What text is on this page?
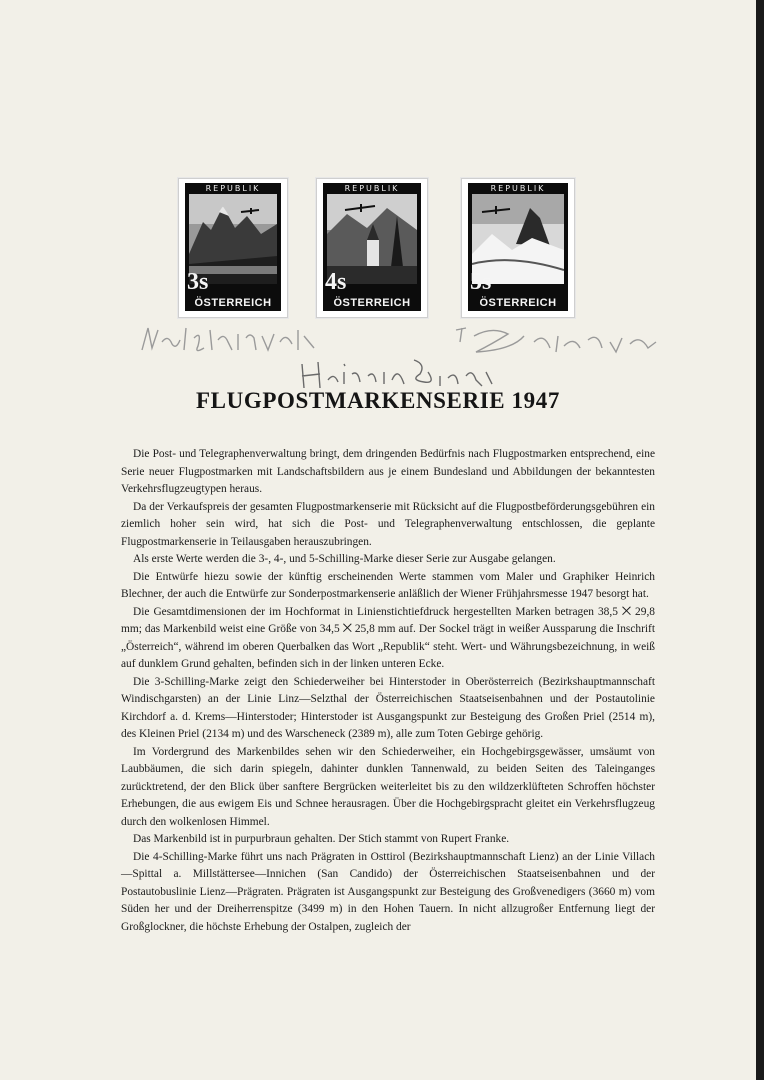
REPUBLIK
3s
ÖSTERREICH
REPUBLIK
4s
ÖSTERREICH
REPUBLIK
5s
ÖSTERREICH
FLUGPOSTMARKENSERIE 1947

Die Post- und Telegraphenverwaltung bringt, dem dringenden Bedürfnis nach Flugpostmarken entsprechend, eine Serie neuer Flugpostmarken mit Landschaftsbildern aus je einem Bundesland und Abbildungen der bekanntesten Verkehrsflugzeugtypen heraus.

Da der Verkaufspreis der gesamten Flugpostmarkenserie mit Rücksicht auf die Flugpostbeförderungsgebühren ein ziemlich hoher sein wird, hat sich die Post- und Telegraphenverwaltung entschlossen, die geplante Flugpostmarkenserie in Teilausgaben herauszubringen.

Als erste Werte werden die 3-, 4-, und 5-Schilling-Marke dieser Serie zur Ausgabe gelangen.

Die Entwürfe hiezu sowie der künftig erscheinenden Werte stammen vom Maler und Graphiker Heinrich Blechner, der auch die Entwürfe zur Sonderpostmarkenserie anläßlich der Wiener Frühjahrsmesse 1947 besorgt hat.

Die Gesamtdimensionen der im Hochformat in Linienstichtiefdruck hergestellten Marken betragen 38,5 ⨉ 29,8 mm; das Markenbild weist eine Größe von 34,5 ⨉ 25,8 mm auf. Der Sockel trägt in weißer Aussparung die Inschrift „Österreich“, während im oberen Querbalken das Wort „Republik“ steht. Wert- und Währungsbezeichnung, in weiß auf dunklem Grund gehalten, befinden sich in der linken unteren Ecke.

Die 3-Schilling-Marke zeigt den Schiederweiher bei Hinterstoder in Oberösterreich (Bezirkshauptmannschaft Windischgarsten) an der Linie Linz—Selzthal der Österreichischen Staatseisenbahnen und der Postautolinie Kirchdorf a. d. Krems—Hinterstoder; Hinterstoder ist Ausgangspunkt zur Besteigung des Großen Priel (2514 m), des Kleinen Priel (2134 m) und des Warscheneck (2389 m), alle zum Toten Gebirge gehörig.

Im Vordergrund des Markenbildes sehen wir den Schiederweiher, ein Hochgebirgsgewässer, umsäumt von Laubbäumen, die sich darin spiegeln, dahinter dunklen Tannenwald, zu beiden Seiten des Taleinganges zurücktretend, der den Blick über sanftere Bergrücken weiterleitet bis zu den wildzerklüfteten Schroffen höchster Erhebungen, die aus ewigem Eis und Schnee herausragen. Über die Hochgebirgspracht gleitet ein Verkehrsflugzeug durch den wolkenlosen Himmel.

Das Markenbild ist in purpurbraun gehalten. Der Stich stammt von Rupert Franke.

Die 4-Schilling-Marke führt uns nach Prägraten in Osttirol (Bezirkshauptmannschaft Lienz) an der Linie Villach—Spittal a. Millstättersee—Innichen (San Candido) der Österreichischen Staatseisenbahnen und der Postautobuslinie Lienz—Prägraten. Prägraten ist Ausgangspunkt zur Besteigung des Großvenedigers (3660 m) vom Süden her und der Dreiherrenspitze (3499 m) in den Hohen Tauern. In nicht allzugroßer Entfernung liegt der Großglockner, die höchste Erhebung der Ostalpen, zugleich der
